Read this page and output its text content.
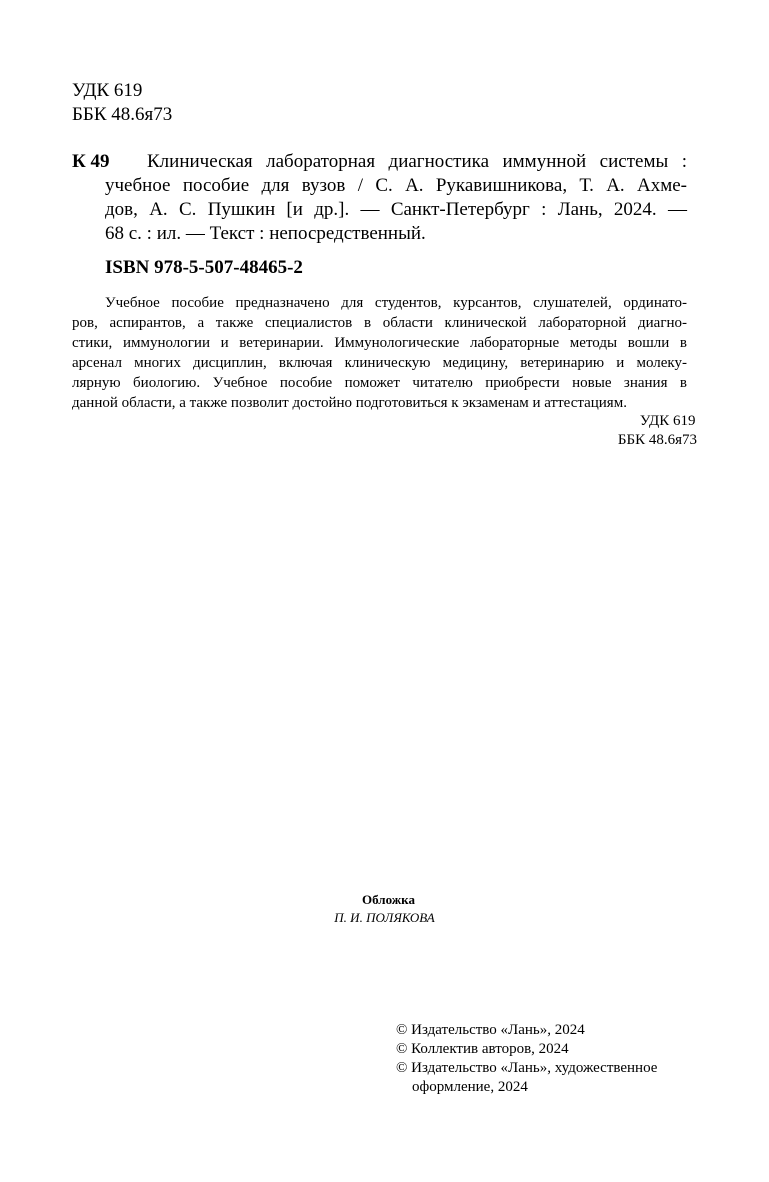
УДК 619
ББК 48.6я73
К 49	Клиническая лабораторная диагностика иммунной системы :
учебное пособие для вузов / С. А. Рукавишникова, Т. А. Ахме-
дов, А. С. Пушкин [и др.]. — Санкт-Петербург : Лань, 2024. —
68 с. : ил. — Текст : непосредственный.
ISBN 978-5-507-48465-2
Учебное пособие предназначено для студентов, курсантов, слушателей, ординато-
ров, аспирантов, а также специалистов в области клинической лабораторной диагно-
стики, иммунологии и ветеринарии. Иммунологические лабораторные методы вошли в
арсенал многих дисциплин, включая клиническую медицину, ветеринарию и молеку-
лярную биологию. Учебное пособие поможет читателю приобрести новые знания в
данной области, а также позволит достойно подготовиться к экзаменам и аттестациям.
УДК 619
ББК 48.6я73
Обложка
П. И. ПОЛЯКОВА
© Издательство «Лань», 2024
© Коллектив авторов, 2024
© Издательство «Лань», художественное
оформление, 2024
